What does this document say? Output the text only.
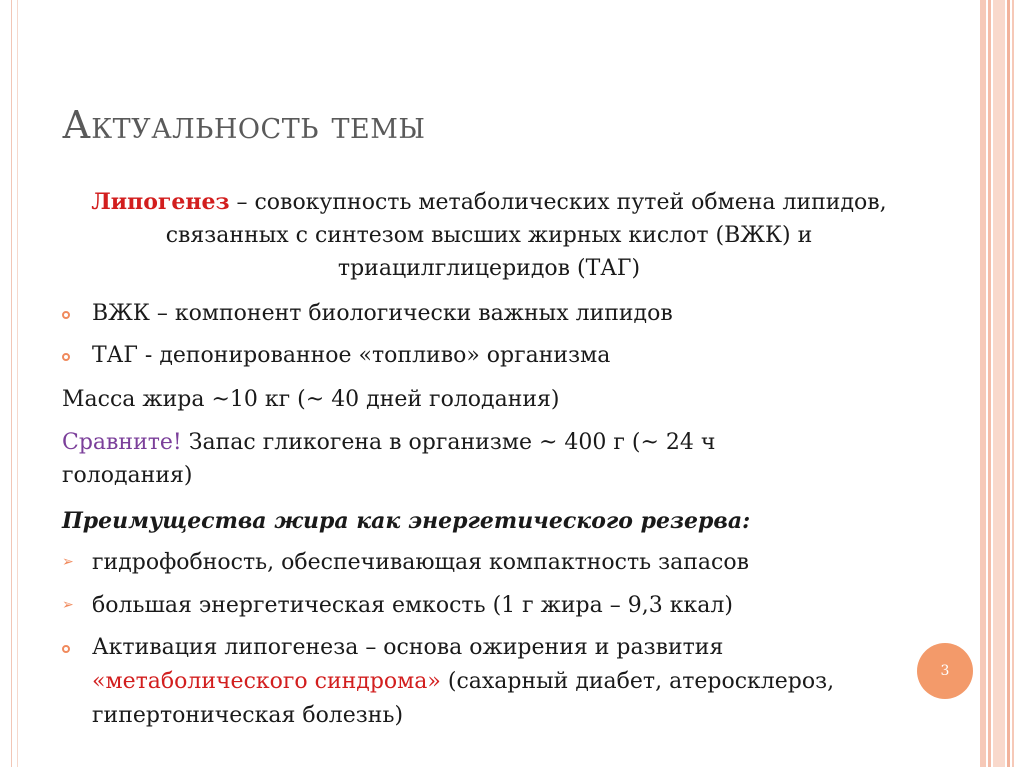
Актуальность темы
Липогенез – совокупность метаболических путей обмена липидов, связанных с синтезом высших жирных кислот (ВЖК) и триацилглицеридов (ТАГ)
ВЖК – компонент биологически важных липидов
ТАГ - депонированное «топливо» организма
Масса жира ~10 кг (~ 40 дней голодания)
Сравните! Запас гликогена в организме ~ 400 г (~ 24 ч
голодания)
Преимущества жира как энергетического резерва:
➢ гидрофобность, обеспечивающая компактность запасов
➢ большая энергетическая емкость (1 г жира – 9,3 ккал)
Активация липогенеза – основа ожирения и развития
«метаболического синдрома» (сахарный диабет, атеросклероз,
гипертоническая болезнь)
3
